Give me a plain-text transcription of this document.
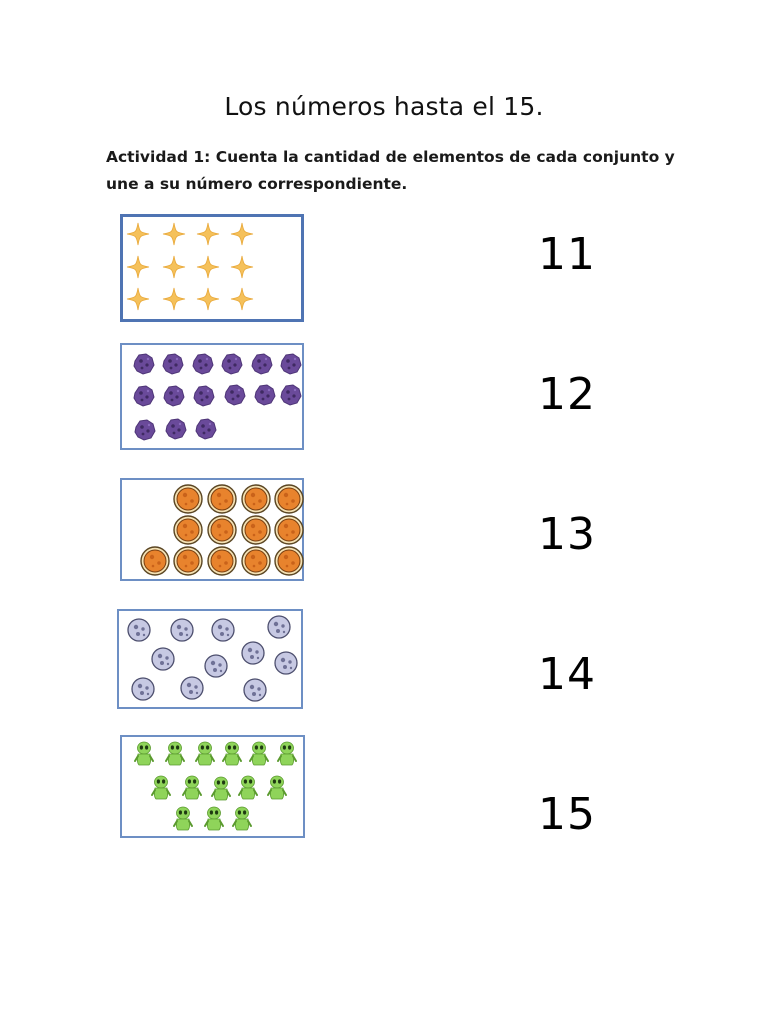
Los números hasta el 15.
Actividad 1: Cuenta la cantidad de elementos de cada conjunto y
une a su número correspondiente.
11
12
13
14
15
